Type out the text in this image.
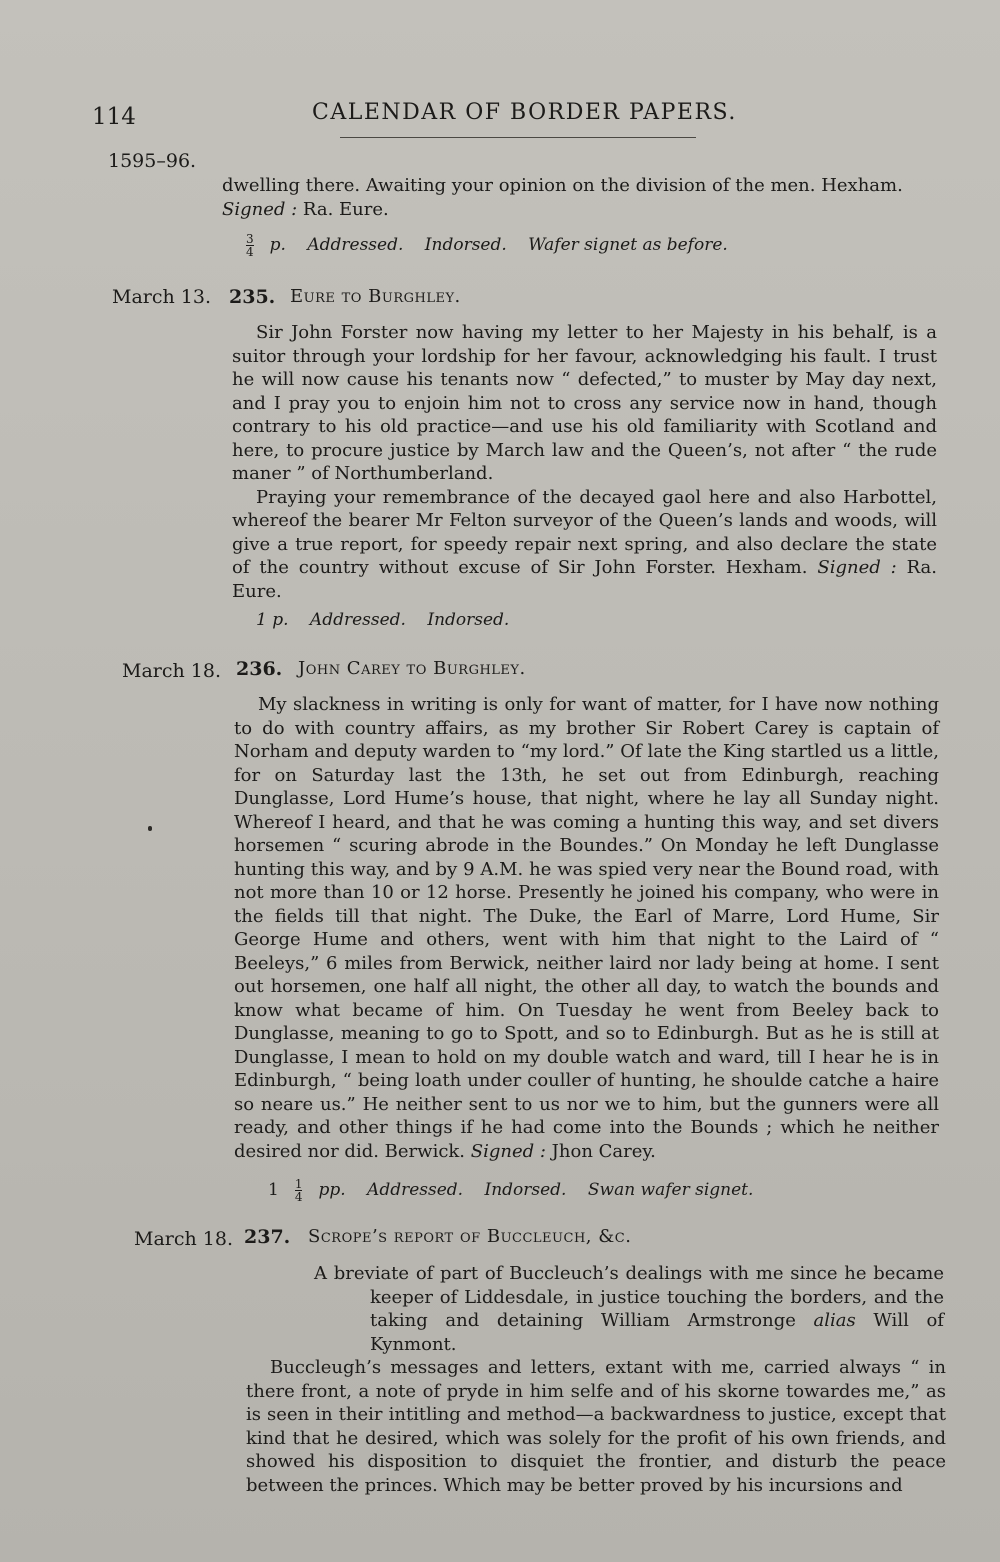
114	CALENDAR OF BORDER PAPERS.
1595–96.

dwelling there. Awaiting your opinion on the division of the men. Hexham.

Signed : Ra. Eure.

$\frac{3}{4} p$. Addressed. Indorsed. Wafer signet as before.
March 13. 235. Eure to Burghley.

Sir John Forster now having my letter to her Majesty in his behalf, is a suitor through your lordship for her favour, acknowledging his fault. I trust he will now cause his tenants now “ defected,” to muster by May day next, and I pray you to enjoin him not to cross any service now in hand, though contrary to his old practice—and use his old familiarity with Scotland and here, to procure justice by March law and the Queen’s, not after “ the rude maner ” of Northumberland.

Praying your remembrance of the decayed gaol here and also Harbottel, whereof the bearer Mr Felton surveyor of the Queen’s lands and woods, will give a true report, for speedy repair next spring, and also declare the state of the country without excuse of Sir John Forster. Hexham. Signed : Ra. Eure.

1 p. Addressed. Indorsed.
March 18. 236. John Carey to Burghley.

My slackness in writing is only for want of matter, for I have now nothing to do with country affairs, as my brother Sir Robert Carey is captain of Norham and deputy warden to “my lord.” Of late the King startled us a little, for on Saturday last the 13th, he set out from Edinburgh, reaching Dunglasse, Lord Hume’s house, that night, where he lay all Sunday night. Whereof I heard, and that he was coming a hunting this way, and set divers horsemen “ scuring abrode in the Boundes.” On Monday he left Dunglasse hunting this way, and by 9 A.M. he was spied very near the Bound road, with not more than 10 or 12 horse. Presently he joined his company, who were in the fields till that night. The Duke, the Earl of Marre, Lord Hume, Sir George Hume and others, went with him that night to the Laird of “ Beeleys,” 6 miles from Berwick, neither laird nor lady being at home. I sent out horsemen, one half all night, the other all day, to watch the bounds and know what became of him. On Tuesday he went from Beeley back to Dunglasse, meaning to go to Spott, and so to Edinburgh. But as he is still at Dunglasse, I mean to hold on my double watch and ward, till I hear he is in Edinburgh, “ being loath under couller of hunting, he shoulde catche a haire so neare us.” He neither sent to us nor we to him, but the gunners were all ready, and other things if he had come into the Bounds ; which he neither desired nor did. Berwick. Signed : Jhon Carey.

$1 \frac{1}{4}$ pp. Addressed. Indorsed. Swan wafer signet.
March 18. 237. Scrope’s report of Buccleuch, &c.

A breviate of part of Buccleuch’s dealings with me since he became keeper of Liddesdale, in justice touching the borders, and the taking and detaining William Armstronge alias Will of Kynmont.

Buccleugh’s messages and letters, extant with me, carried always “ in there front, a note of pryde in him selfe and of his skorne towardes me,” as is seen in their intitling and method—a backwardness to justice, except that kind that he desired, which was solely for the profit of his own friends, and showed his disposition to disquiet the frontier, and disturb the peace between the princes. Which may be better proved by his incursions and
